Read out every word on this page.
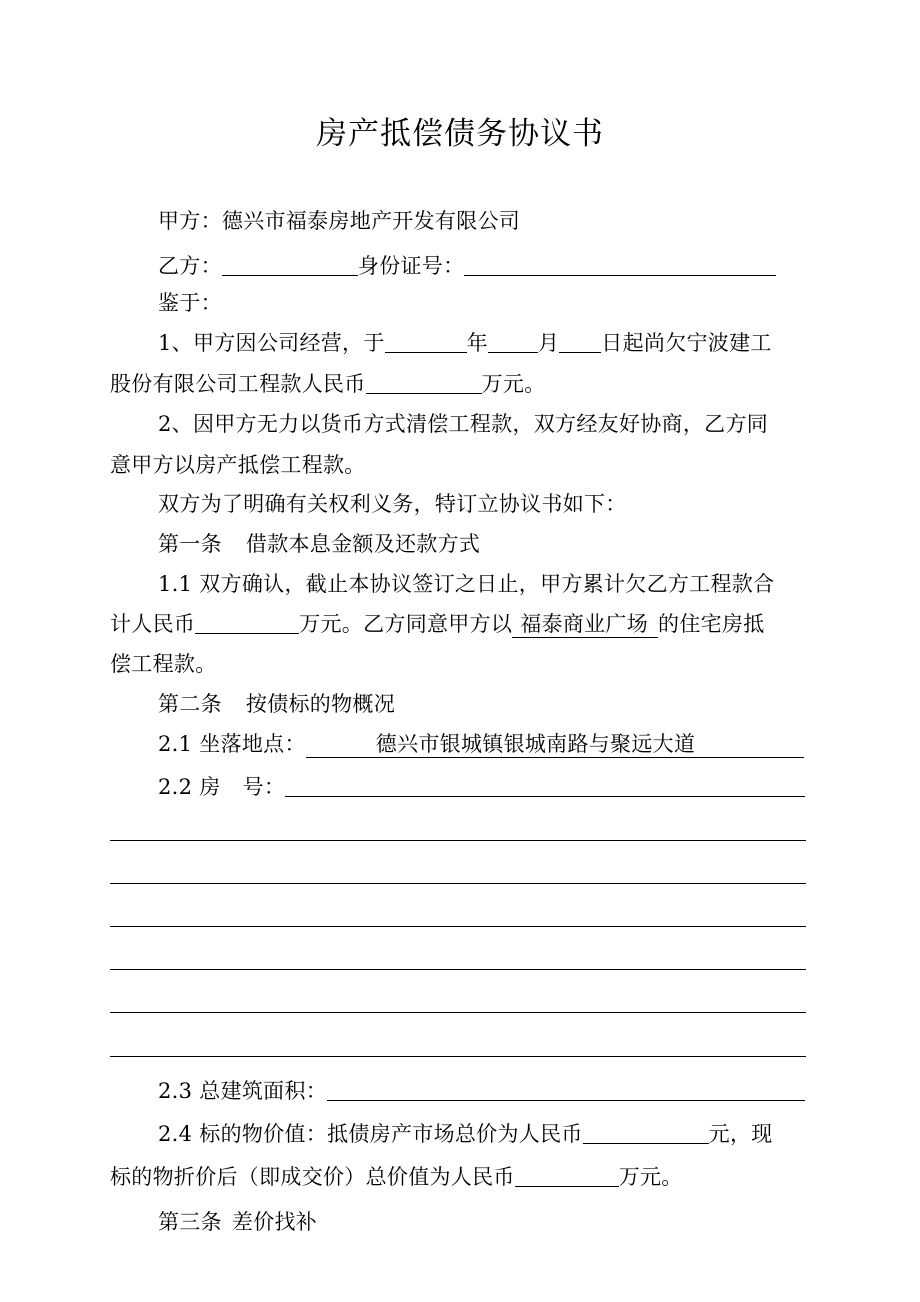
房产抵偿债务协议书
甲方：德兴市福泰房地产开发有限公司
乙方：	身份证号：
鉴于：
1、甲方因公司经营，于	年 月 日起尚欠宁波建工
股份有限公司工程款人民币	万元。
2、因甲方无力以货币方式清偿工程款，双方经友好协商，乙方同
意甲方以房产抵偿工程款。
双方为了明确有关权利义务，特订立协议书如下：
第一条 借款本息金额及还款方式
1.1 双方确认，截止本协议签订之日止，甲方累计欠乙方工程款合
计人民币	万元。乙方同意甲方以 福泰商业广场 的住宅房抵
偿工程款。
第二条 按债标的物概况
2.1 坐落地点：	德兴市银城镇银城南路与聚远大道
2.2 房 号：
2.3 总建筑面积：
2.4 标的物价值：抵债房产市场总价为人民币	元，现
标的物折价后（即成交价）总价值为人民币	万元。
第三条 差价找补
